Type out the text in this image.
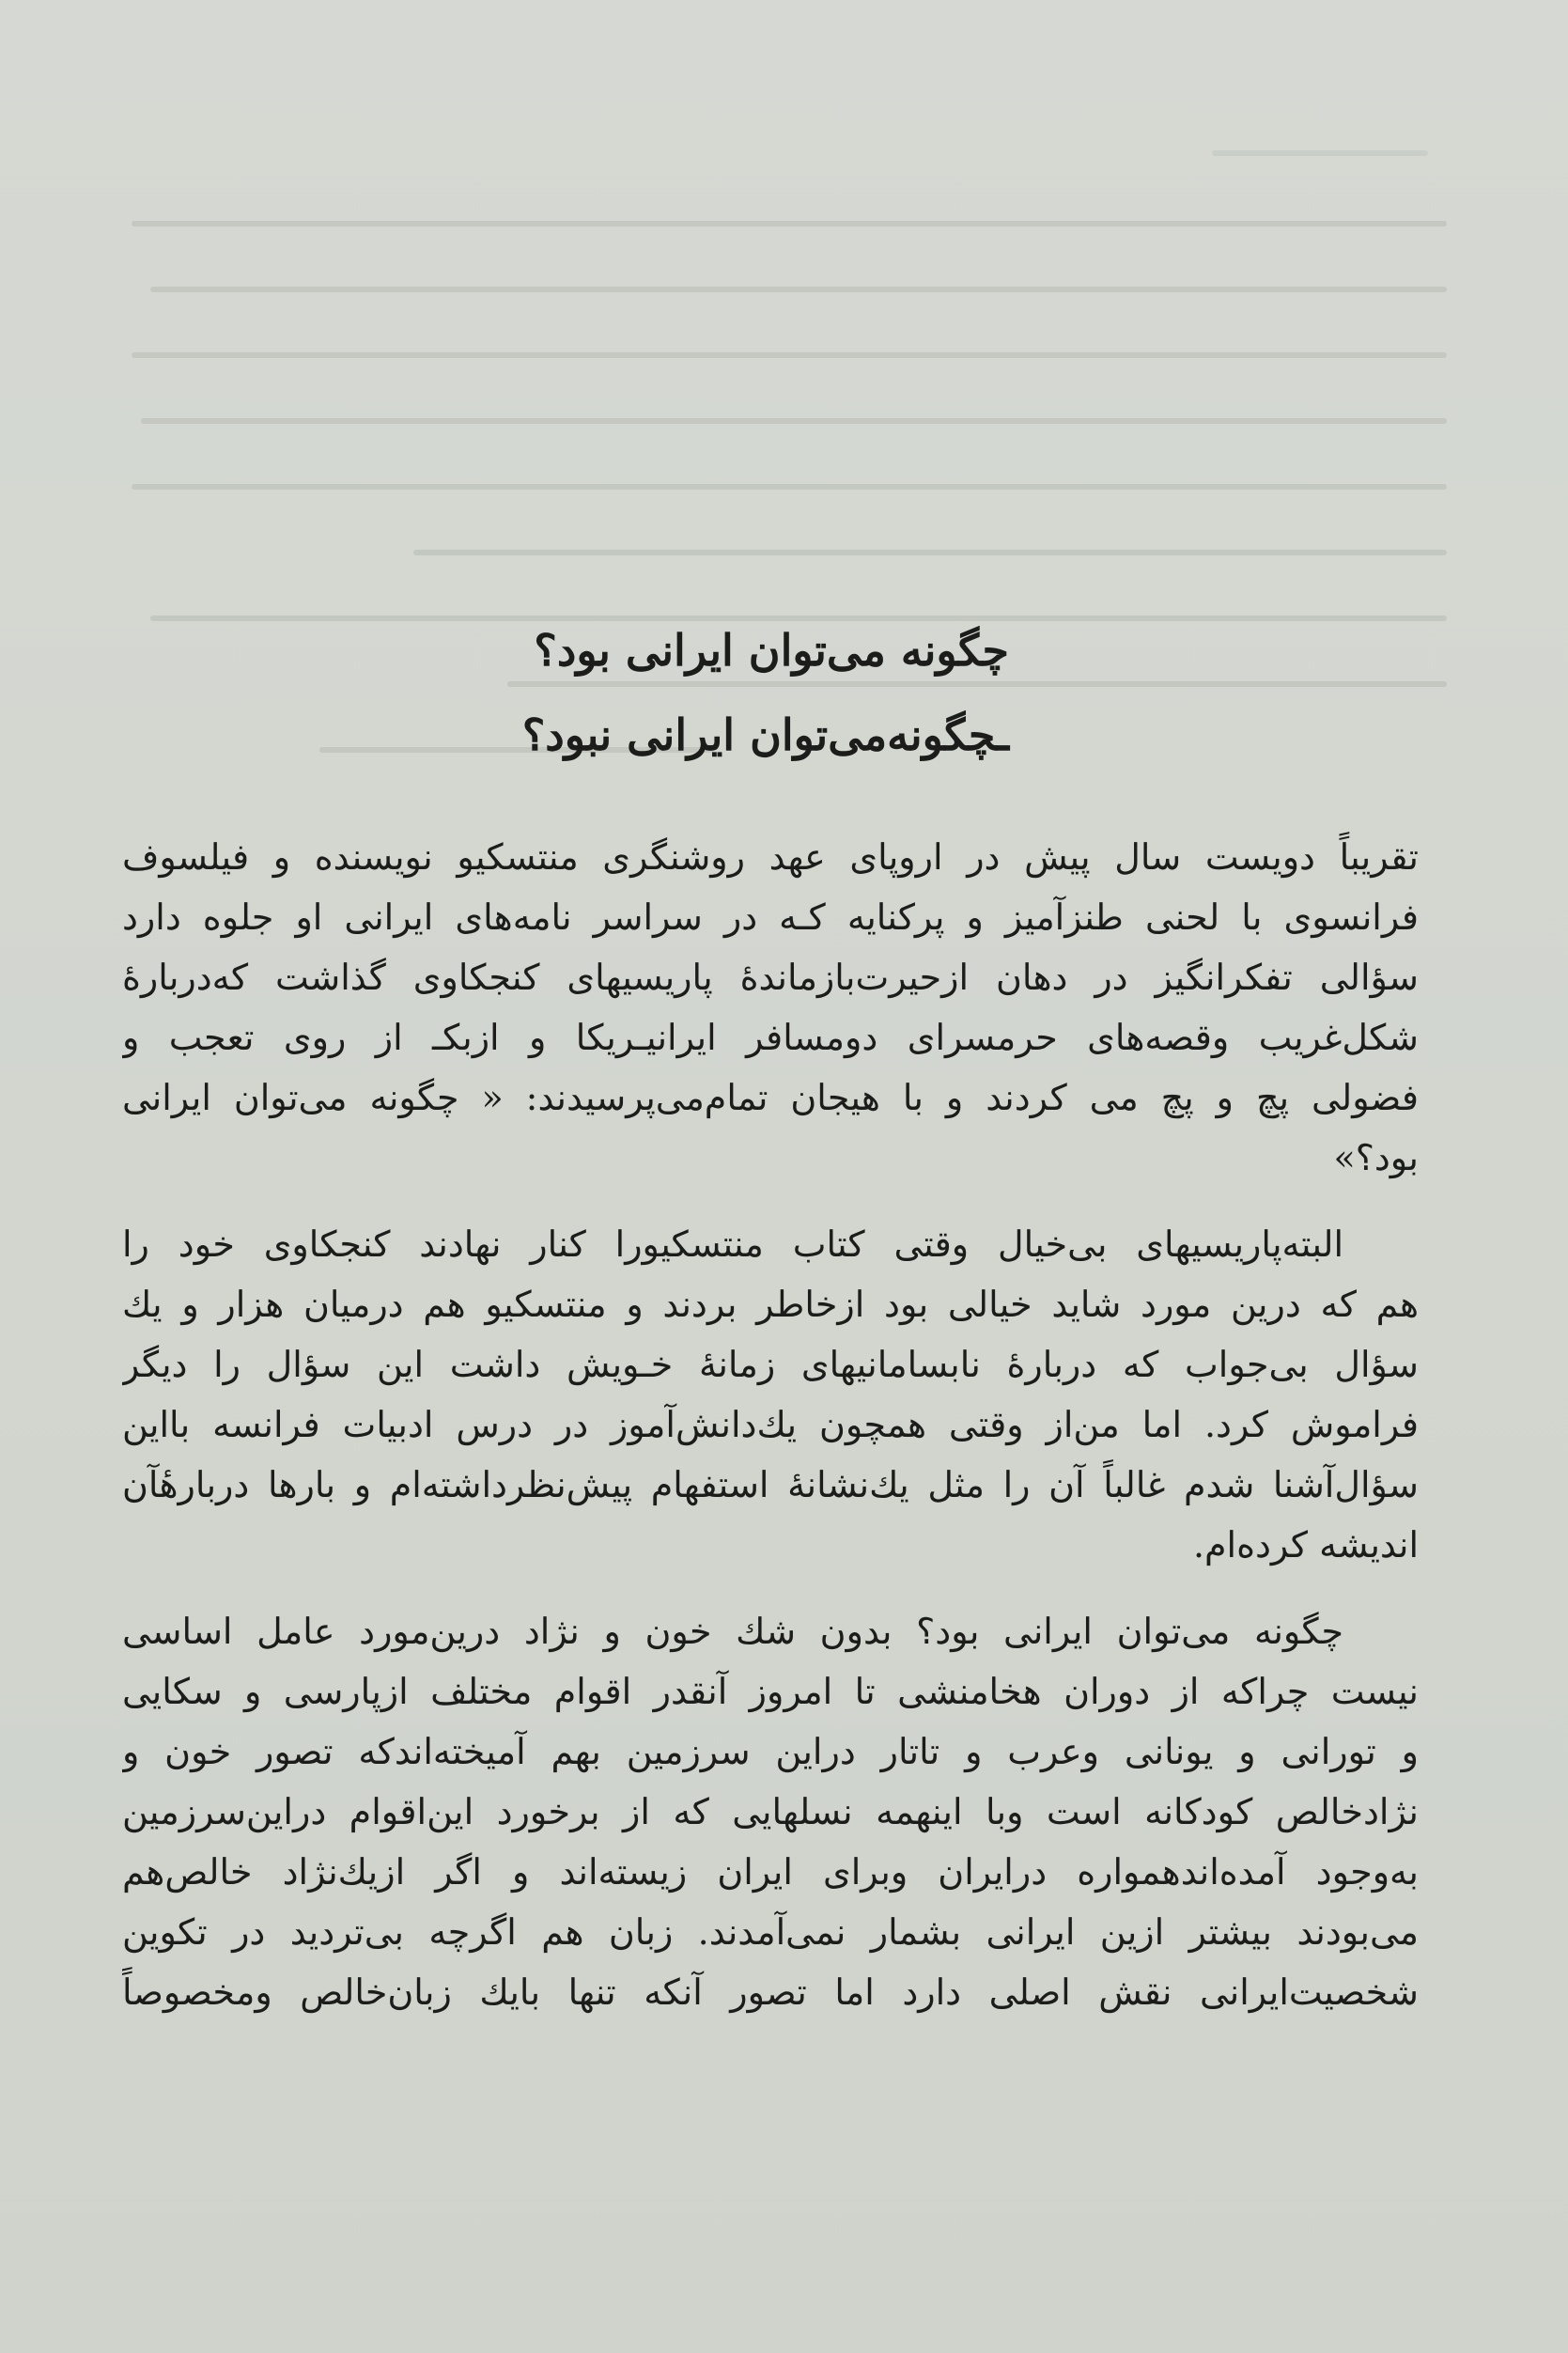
چگونه می‌توان ایرانی بود؟
ـچگونه‌می‌توان ایرانی نبود؟
تقریباً دویست سال پیش در اروپای عهد روشنگری منتسکیو نویسنده و فیلسوف
فرانسوی با لحنی طنزآمیز و پرکنایه کـه در سراسر نامه‌های ایرانی او جلوه دارد
سؤالی تفکرانگیز در دهان ازحیرت‌بازماندهٔ پاریسیهای کنجکاوی گذاشت که‌دربارهٔ
شکل‌غریب وقصه‌های حرمسرای دومسافر ایرانیـریکا و ازبکـ از روی تعجب و
فضولی پچ و پچ می کردند و با هیجان تمام‌می‌پرسیدند: « چگونه می‌توان ایرانی
بود؟»
البته‌پاریسیهای بی‌خیال وقتی کتاب منتسکیورا کنار نهادند کنجکاوی خود را
هم که درین مورد شاید خیالی بود ازخاطر بردند و منتسکیو هم درمیان هزار و یك
سؤال بی‌جواب که دربارهٔ نابسامانیهای زمانهٔ خـویش داشت این سؤال را دیگر
فراموش کرد. اما من‌از وقتی همچون یك‌دانش‌آموز در درس ادبیات فرانسه بااین
سؤال‌آشنا شدم غالباً آن را مثل یك‌نشانهٔ استفهام پیش‌نظرداشته‌ام و بارها دربارهٔآن
اندیشه کرده‌ام.
چگونه می‌توان ایرانی بود؟ بدون شك خون و نژاد درین‌مورد عامل اساسی
نیست چراکه از دوران هخامنشی تا امروز آنقدر اقوام مختلف ازپارسی و سکایی
و تورانی و یونانی وعرب و تاتار دراین سرزمین بهم آمیخته‌اندکه تصور خون و
نژادخالص کودکانه است وبا اینهمه نسلهایی که از برخورد این‌اقوام دراین‌سرزمین
به‌وجود آمده‌اندهمواره درایران وبرای ایران زیسته‌اند و اگر ازیك‌نژاد خالص‌هم
می‌بودند بیشتر ازین ایرانی بشمار نمی‌آمدند. زبان هم اگرچه بی‌تردید در تکوین
شخصیت‌ایرانی نقش اصلی دارد اما تصور آنکه تنها بایك زبان‌خالص ومخصوصاً
